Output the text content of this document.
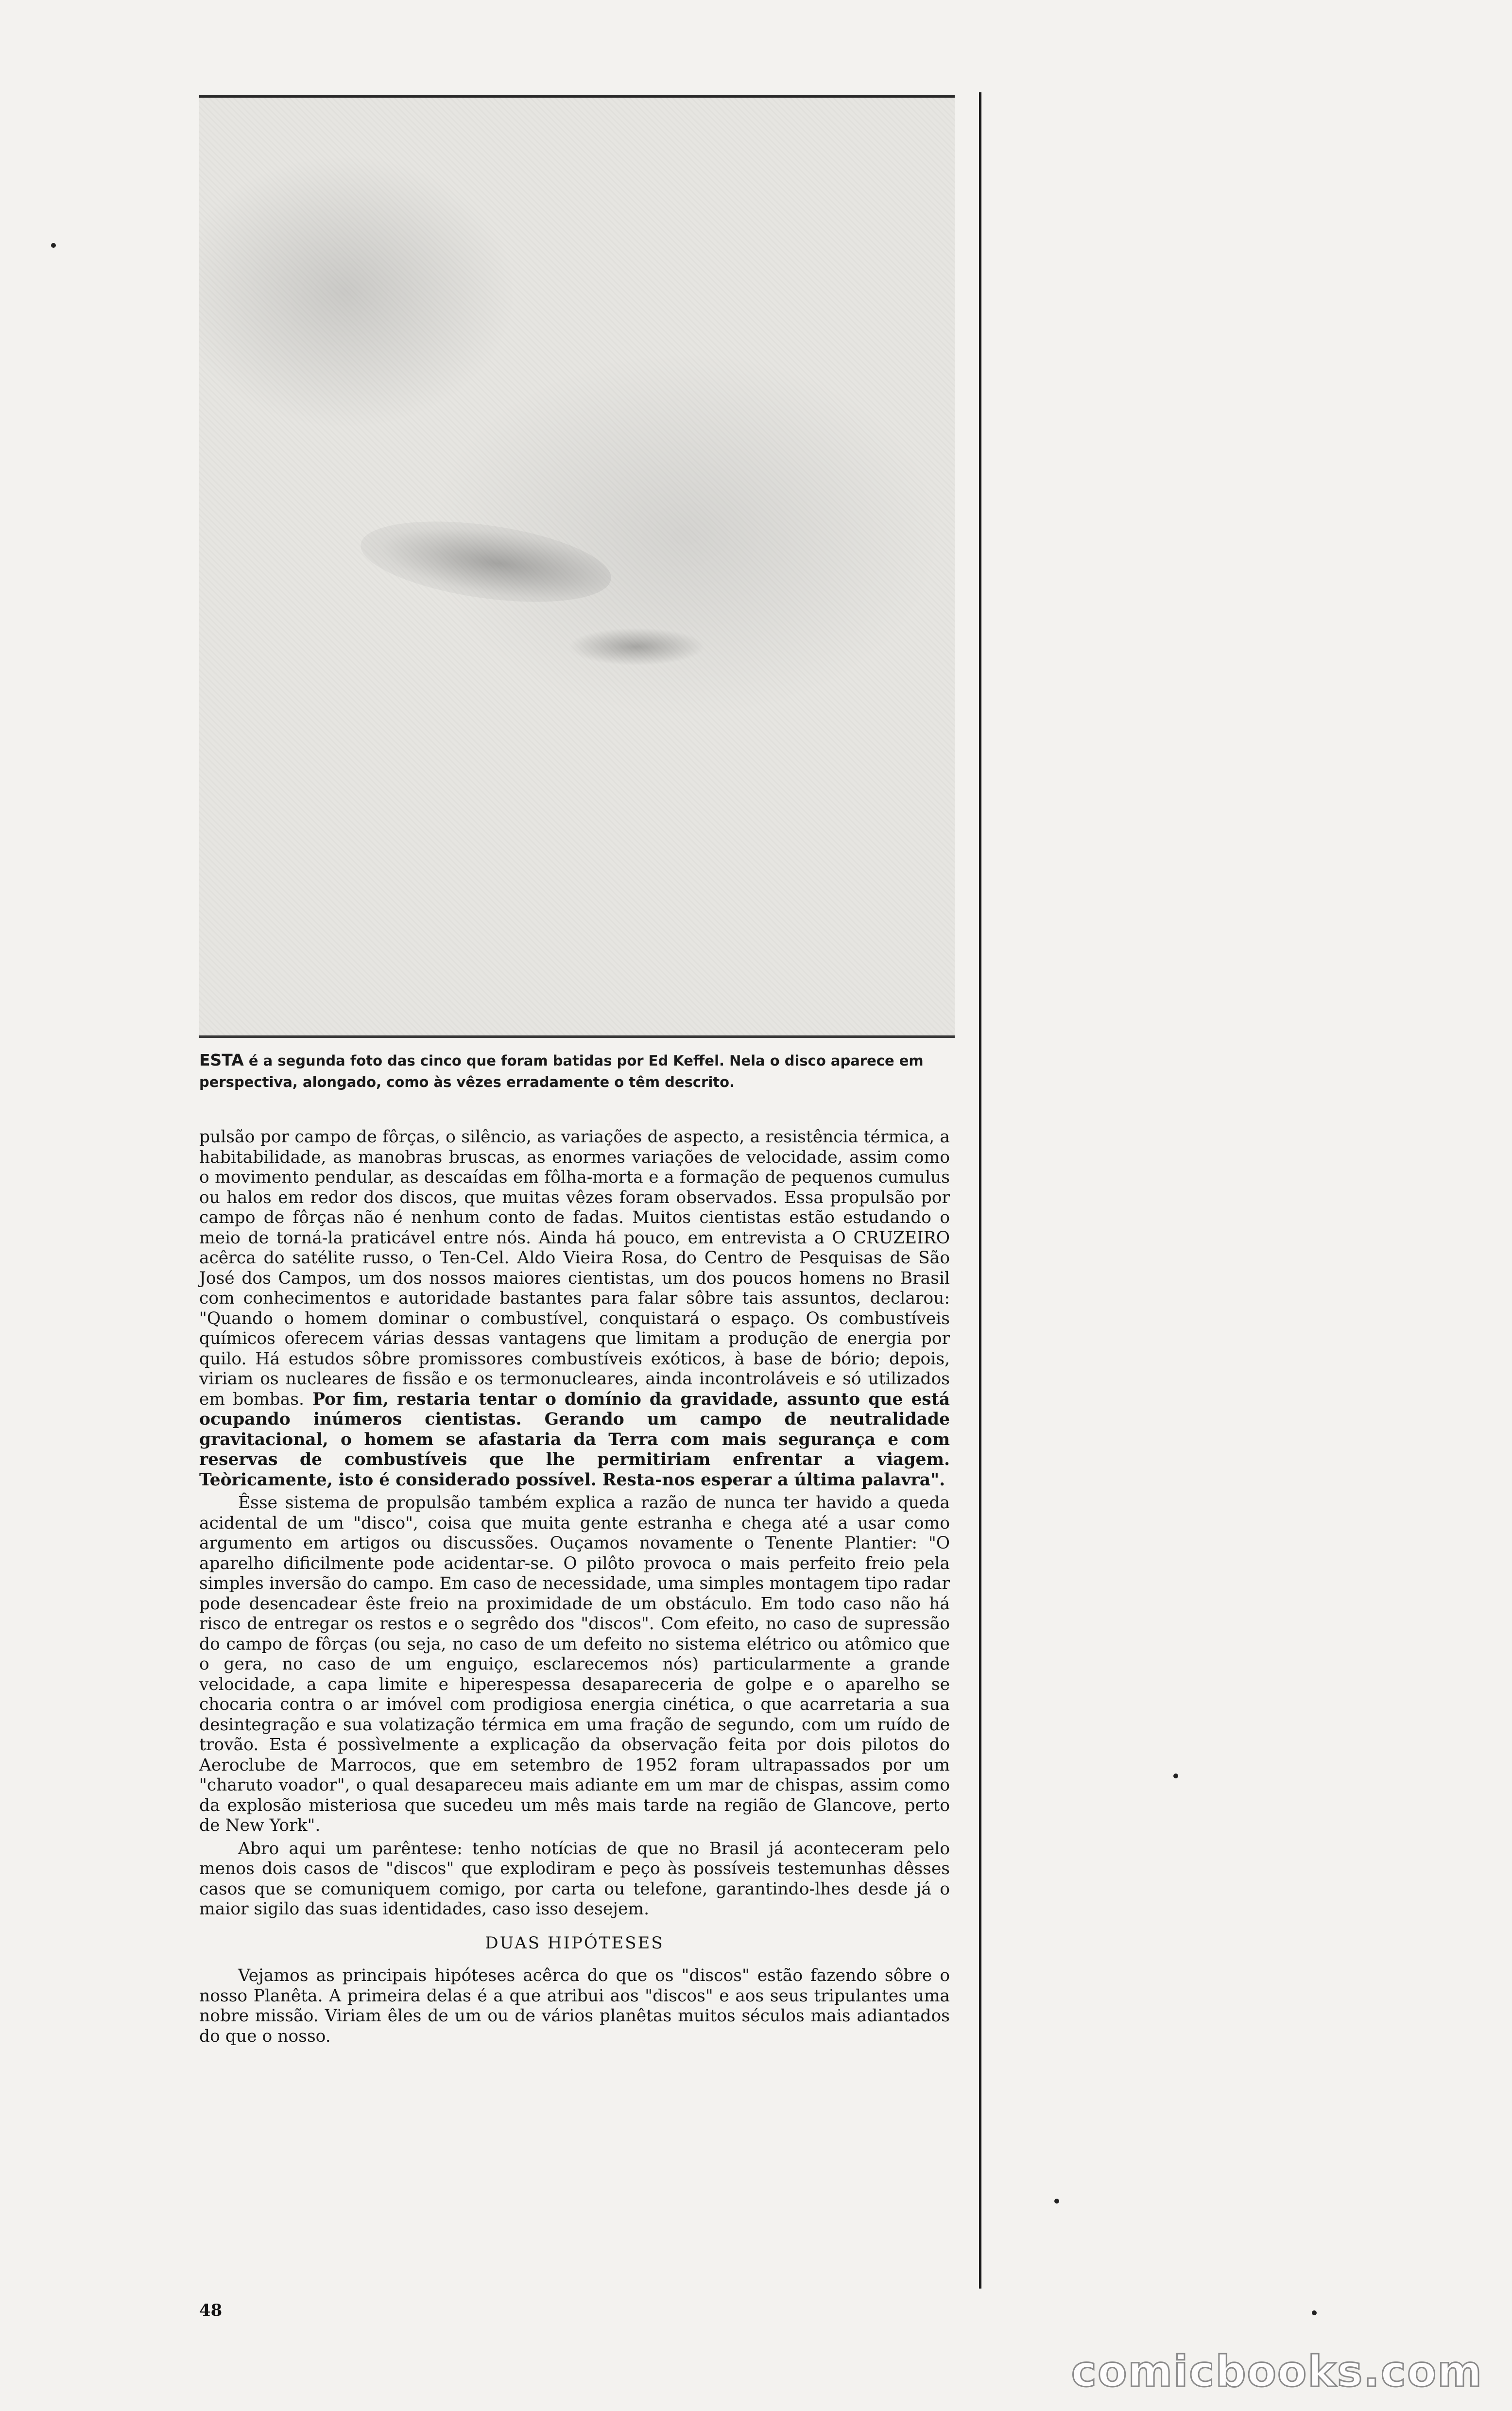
ESTA é a segunda foto das cinco que foram batidas por Ed Keffel. Nela o disco aparece em perspectiva, alongado, como às vêzes erradamente o têm descrito.

pulsão por campo de fôrças, o silêncio, as variações de aspecto, a resistência térmica, a habitabilidade, as manobras bruscas, as enormes variações de velocidade, assim como o movimento pendular, as descaídas em fôlha-morta e a formação de pequenos cumulus ou halos em redor dos discos, que muitas vêzes foram observados. Essa propulsão por campo de fôrças não é nenhum conto de fadas. Muitos cientistas estão estudando o meio de torná-la praticável entre nós. Ainda há pouco, em entrevista a O CRUZEIRO acêrca do satélite russo, o Ten-Cel. Aldo Vieira Rosa, do Centro de Pesquisas de São José dos Campos, um dos nossos maiores cientistas, um dos poucos homens no Brasil com conhecimentos e autoridade bastantes para falar sôbre tais assuntos, declarou: "Quando o homem dominar o combustível, conquistará o espaço. Os combustíveis químicos oferecem várias dessas vantagens que limitam a produção de energia por quilo. Há estudos sôbre promissores combustíveis exóticos, à base de bório; depois, viriam os nucleares de fissão e os termonucleares, ainda incontroláveis e só utilizados em bombas. Por fim, restaria tentar o domínio da gravidade, assunto que está ocupando inúmeros cientistas. Gerando um campo de neutralidade gravitacional, o homem se afastaria da Terra com mais segurança e com reservas de combustíveis que lhe permitiriam enfrentar a viagem. Teòricamente, isto é considerado possível. Resta-nos esperar a última palavra".

Êsse sistema de propulsão também explica a razão de nunca ter havido a queda acidental de um "disco", coisa que muita gente estranha e chega até a usar como argumento em artigos ou discussões. Ouçamos novamente o Tenente Plantier: "O aparelho dificilmente pode acidentar-se. O pilôto provoca o mais perfeito freio pela simples inversão do campo. Em caso de necessidade, uma simples montagem tipo radar pode desencadear êste freio na proximidade de um obstáculo. Em todo caso não há risco de entregar os restos e o segrêdo dos "discos". Com efeito, no caso de supressão do campo de fôrças (ou seja, no caso de um defeito no sistema elétrico ou atômico que o gera, no caso de um enguiço, esclarecemos nós) particularmente a grande velocidade, a capa limite e hiperespessa desapareceria de golpe e o aparelho se chocaria contra o ar imóvel com prodigiosa energia cinética, o que acarretaria a sua desintegração e sua volatização térmica em uma fração de segundo, com um ruído de trovão. Esta é possìvelmente a explicação da observação feita por dois pilotos do Aeroclube de Marrocos, que em setembro de 1952 foram ultrapassados por um "charuto voador", o qual desapareceu mais adiante em um mar de chispas, assim como da explosão misteriosa que sucedeu um mês mais tarde na região de Glancove, perto de New York".

Abro aqui um parêntese: tenho notícias de que no Brasil já aconteceram pelo menos dois casos de "discos" que explodiram e peço às possíveis testemunhas dêsses casos que se comuniquem comigo, por carta ou telefone, garantindo-lhes desde já o maior sigilo das suas identidades, caso isso desejem.

DUAS HIPÓTESES

Vejamos as principais hipóteses acêrca do que os "discos" estão fazendo sôbre o nosso Planêta. A primeira delas é a que atribui aos "discos" e aos seus tripulantes uma nobre missão. Viriam êles de um ou de vários planêtas muitos séculos mais adiantados do que o nosso.

48
comicbooks.com
